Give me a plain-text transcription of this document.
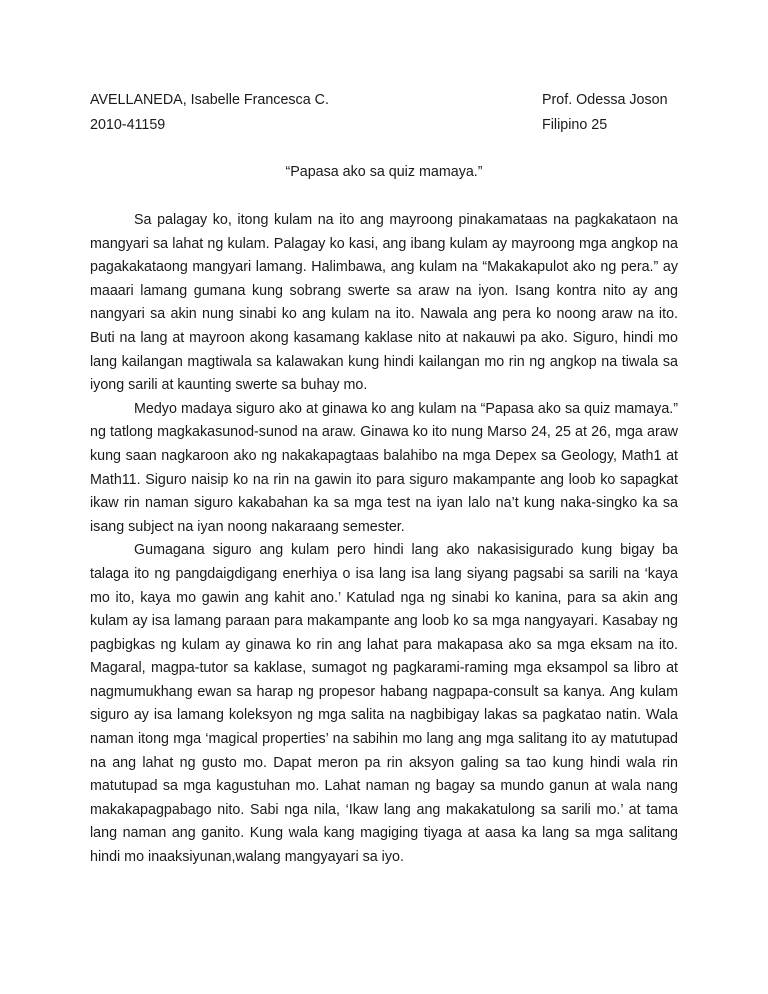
AVELLANEDA, Isabelle Francesca C.
2010-41159
Prof. Odessa Joson
Filipino 25
“Papasa ako sa quiz mamaya.”

Sa palagay ko, itong kulam na ito ang mayroong pinakamataas na pagkakataon na mangyari sa lahat ng kulam. Palagay ko kasi, ang ibang kulam ay mayroong mga angkop na pagakakataong mangyari lamang. Halimbawa, ang kulam na “Makakapulot ako ng pera.” ay maaari lamang gumana kung sobrang swerte sa araw na iyon. Isang kontra nito ay ang nangyari sa akin nung sinabi ko ang kulam na ito. Nawala ang pera ko noong araw na ito. Buti na lang at mayroon akong kasamang kaklase nito at nakauwi pa ako. Siguro, hindi mo lang kailangan magtiwala sa kalawakan kung hindi kailangan mo rin ng angkop na tiwala sa iyong sarili at kaunting swerte sa buhay mo.

Medyo madaya siguro ako at ginawa ko ang kulam na “Papasa ako sa quiz mamaya.” ng tatlong magkakasunod-sunod na araw. Ginawa ko ito nung Marso 24, 25 at 26, mga araw kung saan nagkaroon ako ng nakakapagtaas balahibo na mga Depex sa Geology, Math1 at Math11. Siguro naisip ko na rin na gawin ito para siguro makampante ang loob ko sapagkat ikaw rin naman siguro kakabahan ka sa mga test na iyan lalo na’t kung naka-singko ka sa isang subject na iyan noong nakaraang semester.

Gumagana siguro ang kulam pero hindi lang ako nakasisigurado kung bigay ba talaga ito ng pangdaigdigang enerhiya o isa lang isa lang siyang pagsabi sa sarili na ‘kaya mo ito, kaya mo gawin ang kahit ano.’ Katulad nga ng sinabi ko kanina, para sa akin ang kulam ay isa lamang paraan para makampante ang loob ko sa mga nangyayari. Kasabay ng pagbigkas ng kulam ay ginawa ko rin ang lahat para makapasa ako sa mga eksam na ito. Magaral, magpa-tutor sa kaklase, sumagot ng pagkarami-raming mga eksampol sa libro at nagmumukhang ewan sa harap ng propesor habang nagpapa-consult sa kanya. Ang kulam siguro ay isa lamang koleksyon ng mga salita na nagbibigay lakas sa pagkatao natin. Wala naman itong mga ‘magical properties’ na sabihin mo lang ang mga salitang ito ay matutupad na ang lahat ng gusto mo. Dapat meron pa rin aksyon galing sa tao kung hindi wala rin matutupad sa mga kagustuhan mo. Lahat naman ng bagay sa mundo ganun at wala nang makakapagpabago nito. Sabi nga nila, ‘Ikaw lang ang makakatulong sa sarili mo.’ at tama lang naman ang ganito. Kung wala kang magiging tiyaga at aasa ka lang sa mga salitang hindi mo inaaksiyunan,walang mangyayari sa iyo.
